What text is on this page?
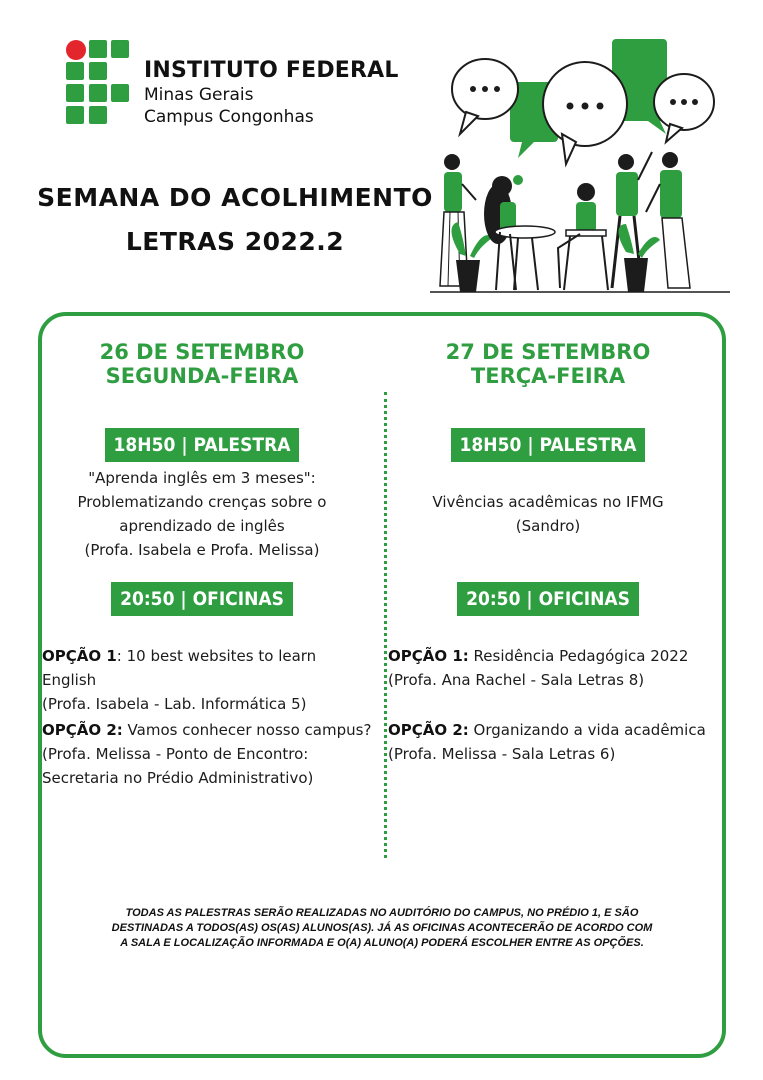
INSTITUTO FEDERAL
Minas Gerais
Campus Congonhas
SEMANA DO ACOLHIMENTO
LETRAS 2022.2
26 DE SETEMBRO
SEGUNDA-FEIRA
18H50 | PALESTRA
"Aprenda inglês em 3 meses":
Problematizando crenças sobre o
aprendizado de inglês
(Profa. Isabela e Profa. Melissa)
20:50 | OFICINAS
OPÇÃO 1: 10 best websites to learn English
(Profa. Isabela - Lab. Informática 5)
OPÇÃO 2: Vamos conhecer nosso campus?
(Profa. Melissa - Ponto de Encontro:
Secretaria no Prédio Administrativo)
27 DE SETEMBRO
TERÇA-FEIRA
18H50 | PALESTRA
Vivências acadêmicas no IFMG
(Sandro)
20:50 | OFICINAS
OPÇÃO 1: Residência Pedagógica 2022
(Profa. Ana Rachel - Sala Letras 8)
OPÇÃO 2: Organizando a vida acadêmica
(Profa. Melissa - Sala Letras 6)
TODAS AS PALESTRAS SERÃO REALIZADAS NO AUDITÓRIO DO CAMPUS, NO PRÉDIO 1, E SÃO
DESTINADAS A TODOS(AS) OS(AS) ALUNOS(AS). JÁ AS OFICINAS ACONTECERÃO DE ACORDO COM
A SALA E LOCALIZAÇÃO INFORMADA E O(A) ALUNO(A) PODERÁ ESCOLHER ENTRE AS OPÇÕES.
